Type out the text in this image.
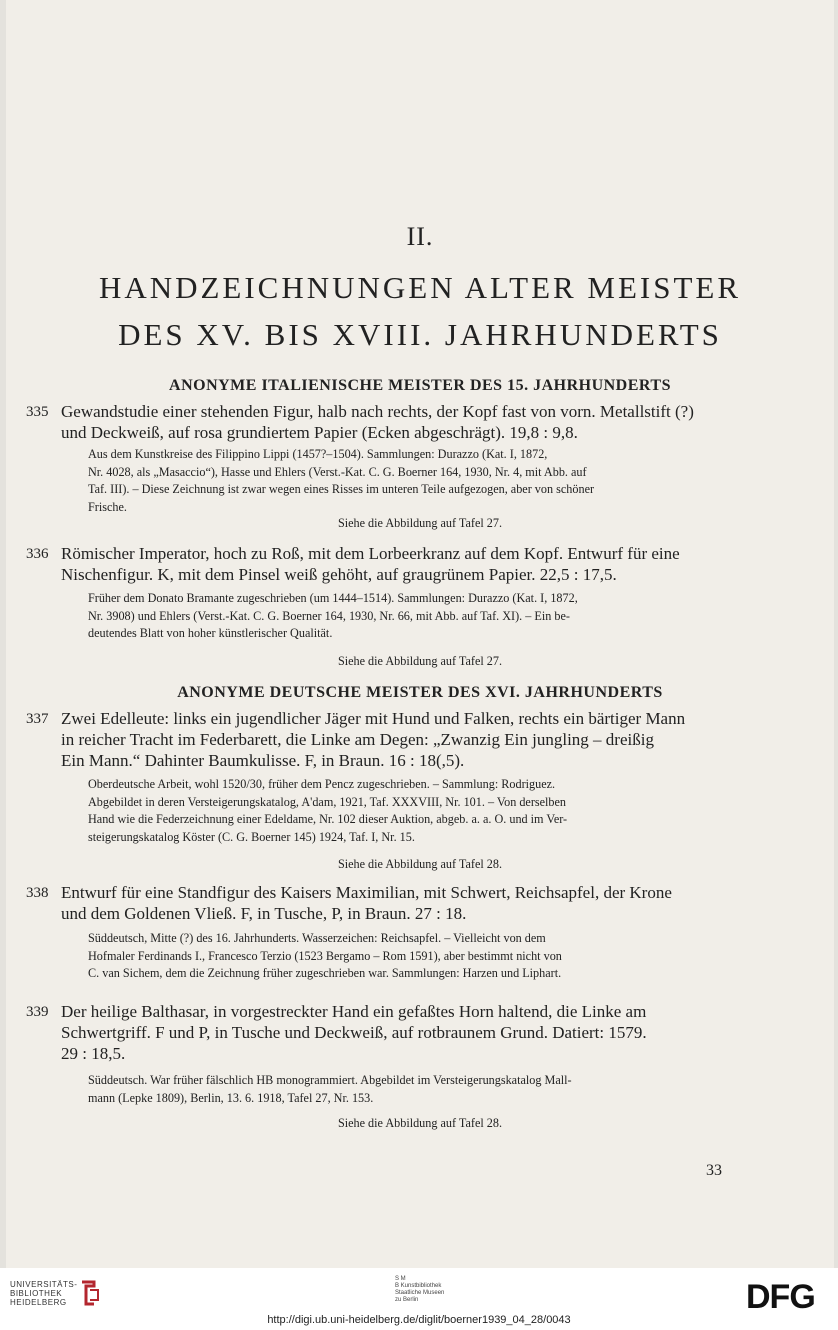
II.
HANDZEICHNUNGEN ALTER MEISTER
DES XV. BIS XVIII. JAHRHUNDERTS
ANONYME ITALIENISCHE MEISTER DES 15. JAHRHUNDERTS
335 Gewandstudie einer stehenden Figur, halb nach rechts, der Kopf fast von vorn. Metallstift (?)
und Deckweiß, auf rosa grundiertem Papier (Ecken abgeschrägt). 19,8 : 9,8.
Aus dem Kunstkreise des Filippino Lippi (1457?–1504). Sammlungen: Durazzo (Kat. I, 1872,
Nr. 4028, als „Masaccio“), Hasse und Ehlers (Verst.-Kat. C. G. Boerner 164, 1930, Nr. 4, mit Abb. auf
Taf. III). – Diese Zeichnung ist zwar wegen eines Risses im unteren Teile aufgezogen, aber von schöner
Frische.
Siehe die Abbildung auf Tafel 27.
336 Römischer Imperator, hoch zu Roß, mit dem Lorbeerkranz auf dem Kopf. Entwurf für eine
Nischenfigur. K, mit dem Pinsel weiß gehöht, auf graugrünem Papier. 22,5 : 17,5.
Früher dem Donato Bramante zugeschrieben (um 1444–1514). Sammlungen: Durazzo (Kat. I, 1872,
Nr. 3908) und Ehlers (Verst.-Kat. C. G. Boerner 164, 1930, Nr. 66, mit Abb. auf Taf. XI). – Ein be-
deutendes Blatt von hoher künstlerischer Qualität.
Siehe die Abbildung auf Tafel 27.
ANONYME DEUTSCHE MEISTER DES XVI. JAHRHUNDERTS
337 Zwei Edelleute: links ein jugendlicher Jäger mit Hund und Falken, rechts ein bärtiger Mann
in reicher Tracht im Federbarett, die Linke am Degen: „Zwanzig Ein jungling – dreißig
Ein Mann.“ Dahinter Baumkulisse. F, in Braun. 16 : 18(,5).
Oberdeutsche Arbeit, wohl 1520/30, früher dem Pencz zugeschrieben. – Sammlung: Rodriguez.
Abgebildet in deren Versteigerungskatalog, A'dam, 1921, Taf. XXXVIII, Nr. 101. – Von derselben
Hand wie die Federzeichnung einer Edeldame, Nr. 102 dieser Auktion, abgeb. a. a. O. und im Ver-
steigerungskatalog Köster (C. G. Boerner 145) 1924, Taf. I, Nr. 15.
Siehe die Abbildung auf Tafel 28.
338 Entwurf für eine Standfigur des Kaisers Maximilian, mit Schwert, Reichsapfel, der Krone
und dem Goldenen Vließ. F, in Tusche, P, in Braun. 27 : 18.
Süddeutsch, Mitte (?) des 16. Jahrhunderts. Wasserzeichen: Reichsapfel. – Vielleicht von dem
Hofmaler Ferdinands I., Francesco Terzio (1523 Bergamo – Rom 1591), aber bestimmt nicht von
C. van Sichem, dem die Zeichnung früher zugeschrieben war. Sammlungen: Harzen und Liphart.
339 Der heilige Balthasar, in vorgestreckter Hand ein gefaßtes Horn haltend, die Linke am
Schwertgriff. F und P, in Tusche und Deckweiß, auf rotbraunem Grund. Datiert: 1579.
29 : 18,5.
Süddeutsch. War früher fälschlich HB monogrammiert. Abgebildet im Versteigerungskatalog Mall-
mann (Lepke 1809), Berlin, 13. 6. 1918, Tafel 27, Nr. 153.
Siehe die Abbildung auf Tafel 28.
33
UNIVERSITÄTS-
BIBLIOTHEK
HEIDELBERG
S M
B Kunstbibliothek
Staatliche Museen
zu Berlin	DFG
http://digi.ub.uni-heidelberg.de/diglit/boerner1939_04_28/0043
